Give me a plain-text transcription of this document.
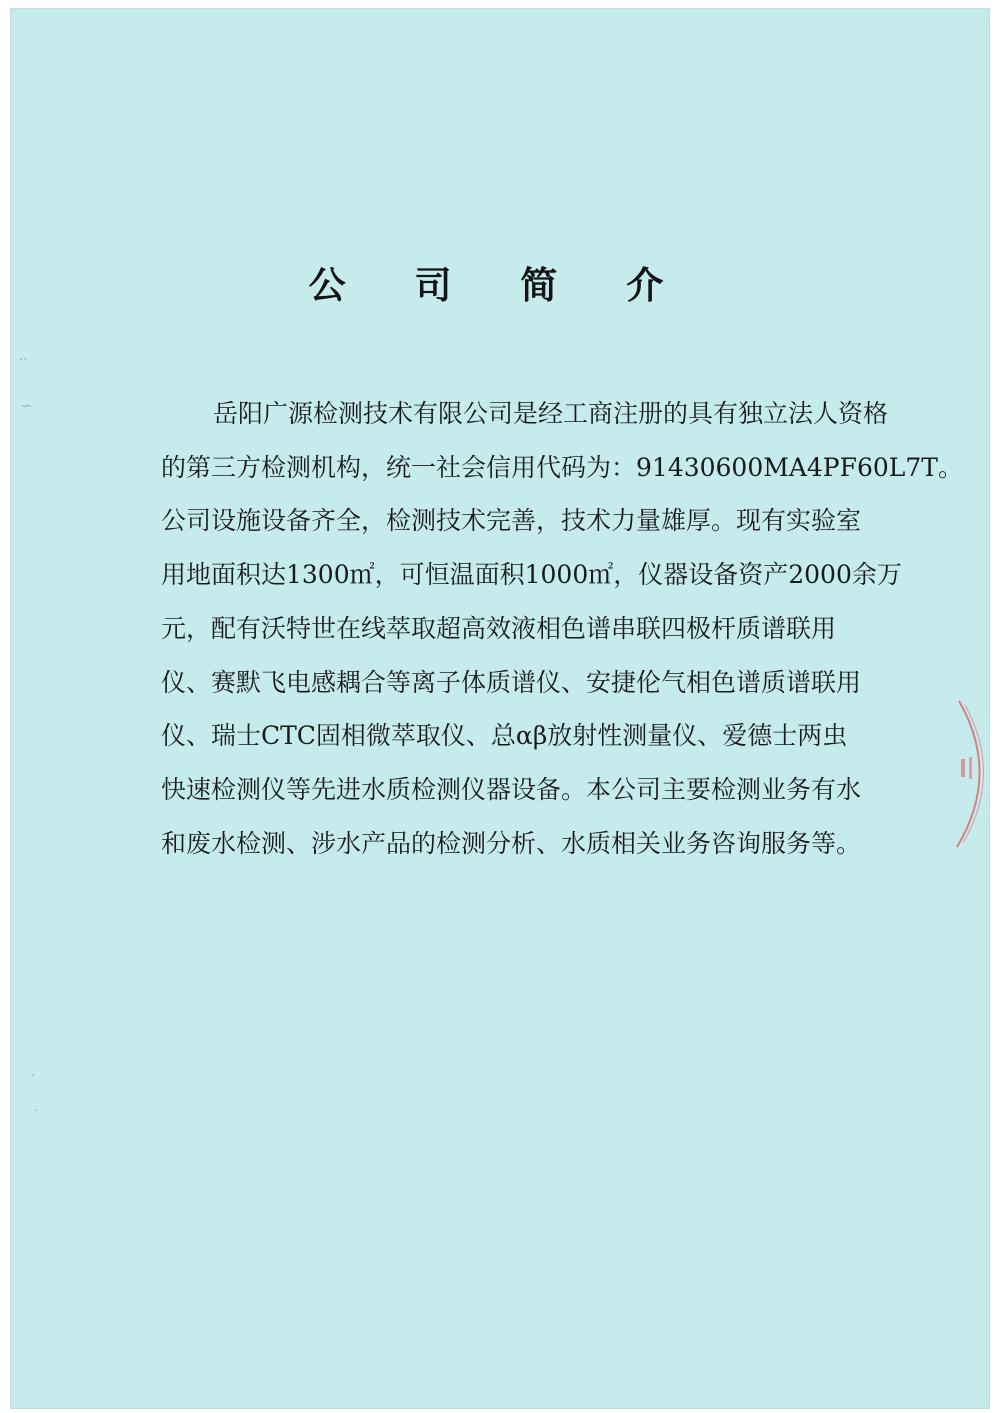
公 司 简 介
岳阳广源检测技术有限公司是经工商注册的具有独立法人资格
的第三方检测机构，统一社会信用代码为：91430600MA4PF60L7T。
公司设施设备齐全，检测技术完善，技术力量雄厚。现有实验室
用地面积达1300㎡，可恒温面积1000㎡，仪器设备资产2000余万
元，配有沃特世在线萃取超高效液相色谱串联四极杆质谱联用
仪、赛默飞电感耦合等离子体质谱仪、安捷伦气相色谱质谱联用
仪、瑞士CTC固相微萃取仪、总αβ放射性测量仪、爱德士两虫
快速检测仪等先进水质检测仪器设备。本公司主要检测业务有水
和废水检测、涉水产品的检测分析、水质相关业务咨询服务等。
‥
∽
·
˙
